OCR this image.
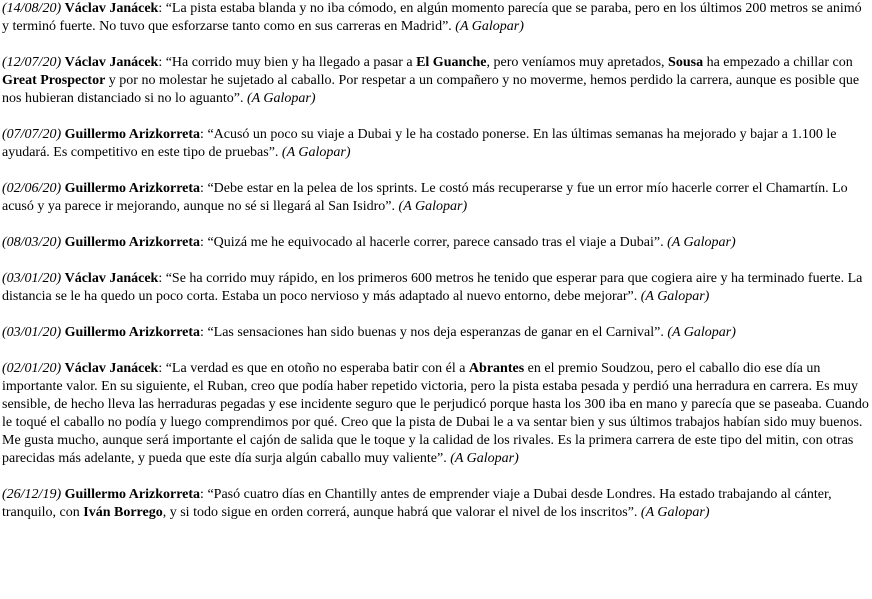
(14/08/20) Václav Janácek: “La pista estaba blanda y no iba cómodo, en algún momento parecía que se paraba, pero en los últimos 200 metros se animó y terminó fuerte. No tuvo que esforzarse tanto como en sus carreras en Madrid”. (A Galopar)

(12/07/20) Václav Janácek: “Ha corrido muy bien y ha llegado a pasar a El Guanche, pero veníamos muy apretados, Sousa ha empezado a chillar con Great Prospector y por no molestar he sujetado al caballo. Por respetar a un compañero y no moverme, hemos perdido la carrera, aunque es posible que nos hubieran distanciado si no lo aguanto”. (A Galopar)

(07/07/20) Guillermo Arizkorreta: “Acusó un poco su viaje a Dubai y le ha costado ponerse. En las últimas semanas ha mejorado y bajar a 1.100 le ayudará. Es competitivo en este tipo de pruebas”. (A Galopar)

(02/06/20) Guillermo Arizkorreta: “Debe estar en la pelea de los sprints. Le costó más recuperarse y fue un error mío hacerle correr el Chamartín. Lo acusó y ya parece ir mejorando, aunque no sé si llegará al San Isidro”. (A Galopar)

(08/03/20) Guillermo Arizkorreta: “Quizá me he equivocado al hacerle correr, parece cansado tras el viaje a Dubai”. (A Galopar)

(03/01/20) Václav Janácek: “Se ha corrido muy rápido, en los primeros 600 metros he tenido que esperar para que cogiera aire y ha terminado fuerte. La distancia se le ha quedo un poco corta. Estaba un poco nervioso y más adaptado al nuevo entorno, debe mejorar”. (A Galopar)

(03/01/20) Guillermo Arizkorreta: “Las sensaciones han sido buenas y nos deja esperanzas de ganar en el Carnival”. (A Galopar)

(02/01/20) Václav Janácek: “La verdad es que en otoño no esperaba batir con él a Abrantes en el premio Soudzou, pero el caballo dio ese día un importante valor. En su siguiente, el Ruban, creo que podía haber repetido victoria, pero la pista estaba pesada y perdió una herradura en carrera. Es muy sensible, de hecho lleva las herraduras pegadas y ese incidente seguro que le perjudicó porque hasta los 300 iba en mano y parecía que se paseaba. Cuando le toqué el caballo no podía y luego comprendimos por qué. Creo que la pista de Dubai le a va sentar bien y sus últimos trabajos habían sido muy buenos. Me gusta mucho, aunque será importante el cajón de salida que le toque y la calidad de los rivales. Es la primera carrera de este tipo del mitin, con otras parecidas más adelante, y pueda que este día surja algún caballo muy valiente”. (A Galopar)

(26/12/19) Guillermo Arizkorreta: “Pasó cuatro días en Chantilly antes de emprender viaje a Dubai desde Londres. Ha estado trabajando al cánter, tranquilo, con Iván Borrego, y si todo sigue en orden correrá, aunque habrá que valorar el nivel de los inscritos”. (A Galopar)
